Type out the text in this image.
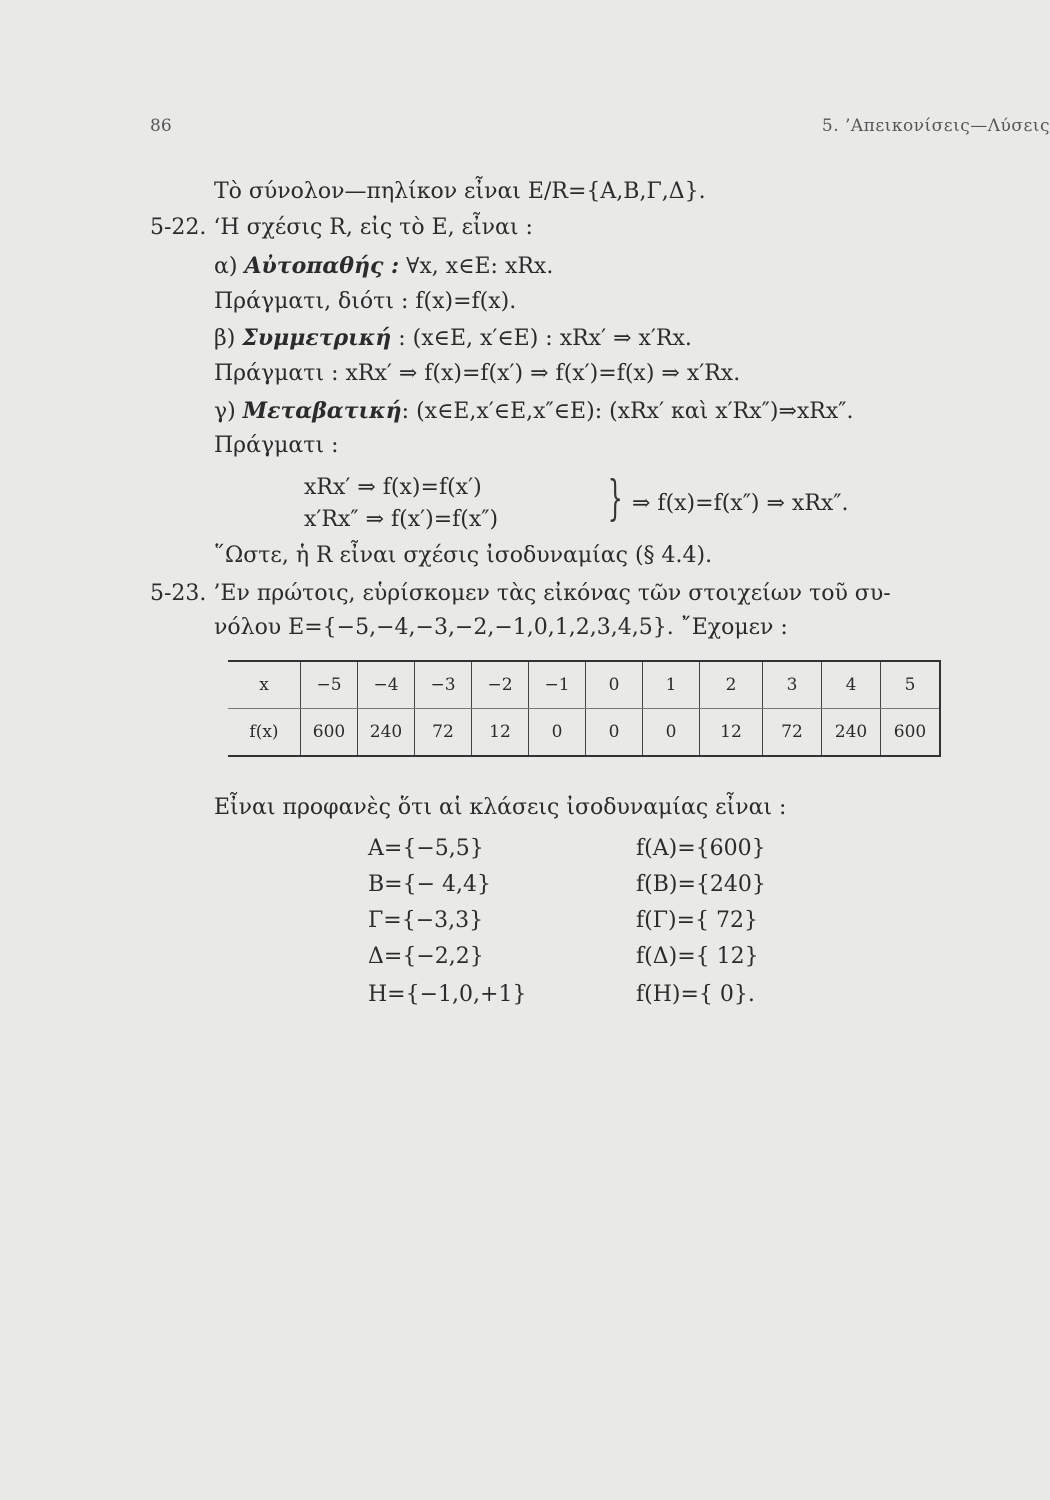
86	5. ’Απεικονίσεις—Λύσεις
Τὸ σύνολον—πηλίκον εἶναι E/R={A,B,Γ,Δ}.
5-22. ‘Η σχέσις R, εἰς τὸ E, εἶναι :
α) Αὐτοπαθής : ∀x, x∈E: xRx.
Πράγματι, διότι : f(x)=f(x).
β) Συμμετρική : (x∈E, x′∈E) : xRx′ ⇒ x′Rx.
Πράγματι : xRx′ ⇒ f(x)=f(x′) ⇒ f(x′)=f(x) ⇒ x′Rx.
γ) Μεταβατική: (x∈E,x′∈E,x″∈E): (xRx′ καὶ x′Rx″)⇒xRx″.
Πράγματι :
xRx′ ⇒ f(x)=f(x′)
x′Rx″ ⇒ f(x′)=f(x″) } ⇒ f(x)=f(x″) ⇒ xRx″.
῞Ωστε, ἡ R εἶναι σχέσις ἰσοδυναμίας (§ 4.4).
5-23. ’Εν πρώτοις, εὑρίσκομεν τὰς εἰκόνας τῶν στοιχείων τοῦ συ-
νόλου E={−5,−4,−3,−2,−1,0,1,2,3,4,5}. ῎Εχομεν :
x	−5	−4	−3	−2	−1	0	1	2	3	4	5
f(x)	600	240	72	12	0	0	0	12	72	240	600
Εἶναι προφανὲς ὅτι αἱ κλάσεις ἰσοδυναμίας εἶναι :
A={−5,5}	f(A)={600}
B={− 4,4}	f(B)={240}
Γ={−3,3}	f(Γ)={ 72}
Δ={−2,2}	f(Δ)={ 12}
H={−1,0,+1}	f(H)={ 0}.
